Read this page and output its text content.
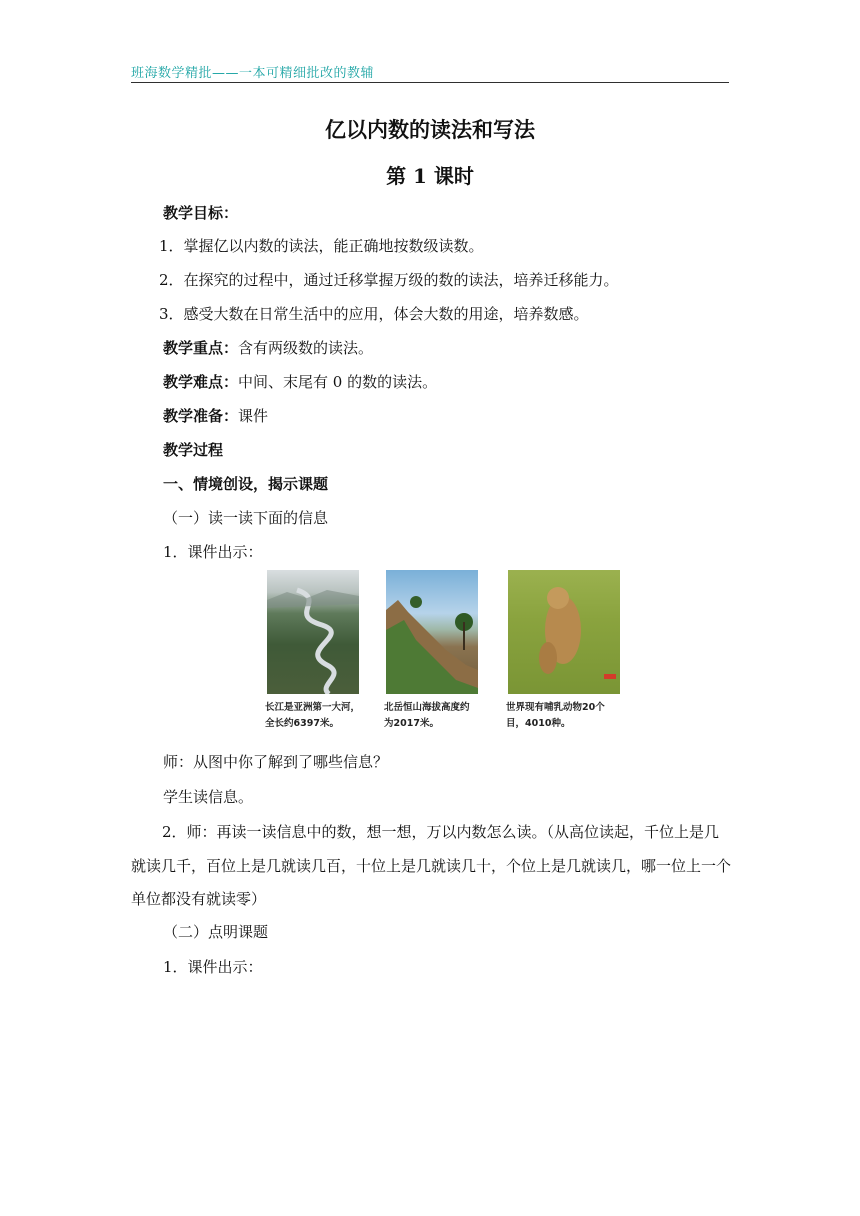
班海数学精批——一本可精细批改的教辅
亿以内数的读法和写法
第 1 课时
教学目标：
1．掌握亿以内数的读法，能正确地按数级读数。
2．在探究的过程中，通过迁移掌握万级的数的读法，培养迁移能力。
3．感受大数在日常生活中的应用，体会大数的用途，培养数感。
教学重点：含有两级数的读法。
教学难点：中间、末尾有 0 的数的读法。
教学准备：课件
教学过程
一、情境创设，揭示课题
（一）读一读下面的信息
1．课件出示：
长江是亚洲第一大河，
全长约6397米。
北岳恒山海拔高度约
为2017米。
世界现有哺乳动物20个
目，4010种。
师：从图中你了解到了哪些信息？
学生读信息。
2．师：再读一读信息中的数，想一想，万以内数怎么读。（从高位读起，千位上是几就读几千，百位上是几就读几百，十位上是几就读几十，个位上是几就读几，哪一位上一个单位都没有就读零）
（二）点明课题
1．课件出示：
